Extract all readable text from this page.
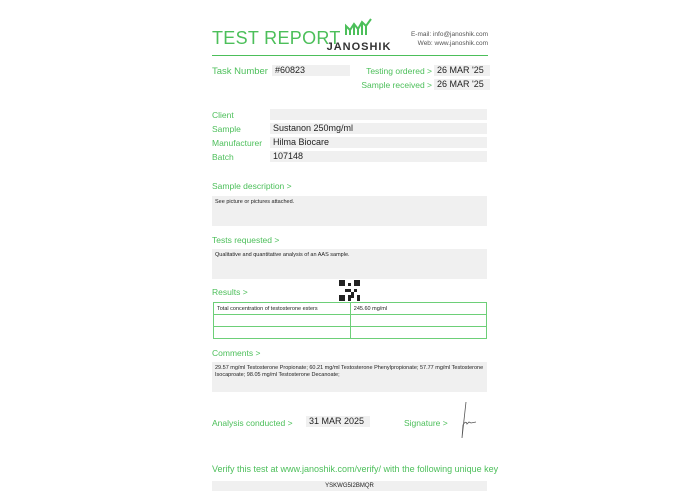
TEST REPORT
JANOSHIK
E-mail: info@janoshik.com
Web: www.janoshik.com
Task Number #60823	Testing ordered > 26 MAR '25
Sample received > 26 MAR '25
Client
Sample	Sustanon 250mg/ml
Manufacturer	Hilma Biocare
Batch	107148
Sample description >
See picture or pictures attached.
Tests requested >
Qualitative and quantitative analysis of an AAS sample.
Results >
Total concentration of testosterone esters	245.60 mg/ml

Comments >
29.57 mg/ml Testosterone Propionate; 60.21 mg/ml Testosterone Phenylpropionate; 57.77 mg/ml Testosterone Isocaproate; 98.05 mg/ml Testosterone Decanoate;
Analysis conducted >	31 MAR 2025	Signature >
Verify this test at www.janoshik.com/verify/ with the following unique key
YSKWG5I2BMQR
